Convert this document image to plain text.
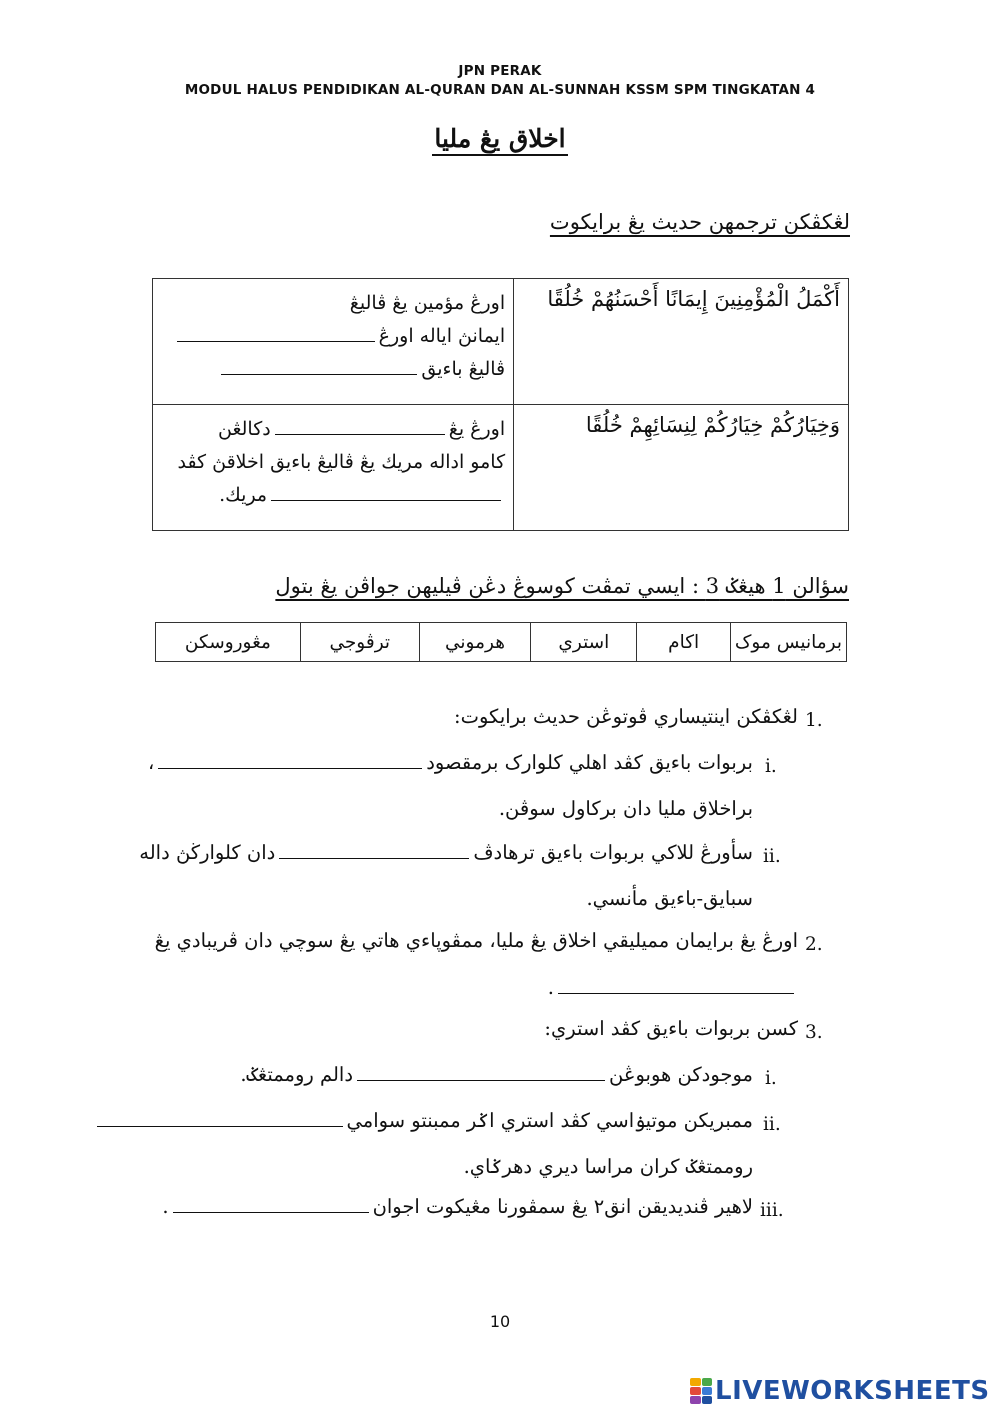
JPN PERAK
MODUL HALUS PENDIDIKAN AL-QURAN DAN AL-SUNNAH KSSM SPM TINGKATAN 4
اخلاق يڠ مليا
لڠكڤكن ترجمهن حديث يڠ برايكوت
اورڠ مؤمين يڠ ڤاليڠ
ايمانڽ اياله اورڠ
ڤاليڠ باءيق	أَكْمَلُ الْمُؤْمِنِينَ إِيمَانًا أَحْسَنُهُمْ خُلُقًا

اورڠ يڠدكالڠن
كامو اداله مريك يڠ ڤاليڠ باءيق اخلاقڽ كڤد
مريك.	وَخِيَارُكُمْ خِيَارُكُمْ لِنِسَائِهِمْ خُلُقًا
سؤالن 1 هيڠݢ 3 : ايسي تمڤت كوسوڠ دڠن ڤيليهن جواڤن يڠ بتول
برمانيس موک	اكام	استري	هرموني	ترڤوجي	مڠوروسكن
1.
لڠكڤكن اينتيساري ڤوتوڠن حديث برايكوت:
i.
بربوات باءيق كڤد اهلي كلوارک برمقصود،
براخلاق مليا دان بركاول سوڤن.
ii.
سأورڠ للاكي بربوات باءيق ترهادڤدان كلوارڬڽ داله
سبايق-باءيق مأنسي.
2.
اورڠ يڠ برايمان مميليقي اخلاق يڠ مليا، ممڤوڽاءي هاتي يڠ سوچي دان ڤريبادي يڠ
.
3.
كسن بربوات باءيق كڤد استري:
i.
موجودكن هوبوڠندالم روممتڠݢ.
ii.
ممبريكن موتيۏاسي كڤد استري اݢر ممبنتو سوامي
روممتڠݢ كران مراسا ديري دهرݢاي.
iii.
لاهير ڤنديديقن انق٢ يڠ سمڤورنا مڠيكوت اجوان.
10
LIVEWORKSHEETS
